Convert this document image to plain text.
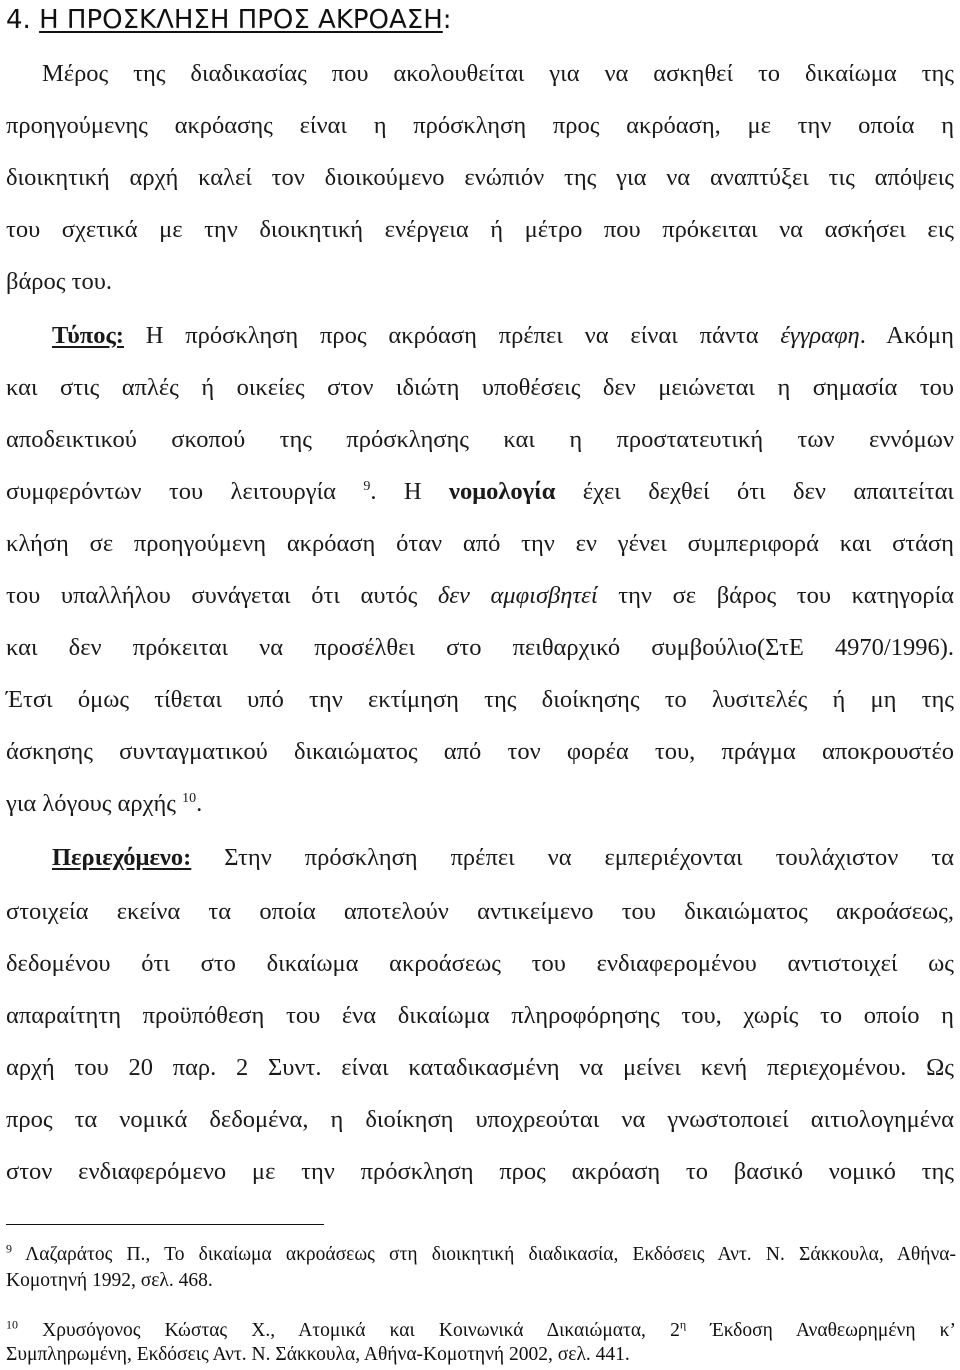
4. Η ΠΡΟΣΚΛΗΣΗ ΠΡΟΣ ΑΚΡΟΑΣΗ:
Μέρος της διαδικασίας που ακολουθείται για να ασκηθεί το δικαίωμα της
προηγούμενης ακρόασης είναι η πρόσκληση προς ακρόαση, με την οποία η
διοικητική αρχή καλεί τον διοικούμενο ενώπιόν της για να αναπτύξει τις απόψεις
του σχετικά με την διοικητική ενέργεια ή μέτρο που πρόκειται να ασκήσει εις
βάρος του.
Τύπος: Η πρόσκληση προς ακρόαση πρέπει να είναι πάντα έγγραφη. Ακόμη
και στις απλές ή οικείες στον ιδιώτη υποθέσεις δεν μειώνεται η σημασία του
αποδεικτικού σκοπού της πρόσκλησης και η προστατευτική των εννόμων
συμφερόντων του λειτουργία $^9$. Η νομολογία έχει δεχθεί ότι δεν απαιτείται
κλήση σε προηγούμενη ακρόαση όταν από την εν γένει συμπεριφορά και στάση
του υπαλλήλου συνάγεται ότι αυτός δεν αμφισβητεί την σε βάρος του κατηγορία
και δεν πρόκειται να προσέλθει στο πειθαρχικό συμβούλιο(ΣτΕ 4970/1996).
Έτσι όμως τίθεται υπό την εκτίμηση της διοίκησης το λυσιτελές ή μη της
άσκησης συνταγματικού δικαιώματος από τον φορέα του, πράγμα αποκρουστέο
για λόγους αρχής $^{10}$.
Περιεχόμενο: Στην πρόσκληση πρέπει να εμπεριέχονται τουλάχιστον τα
στοιχεία εκείνα τα οποία αποτελούν αντικείμενο του δικαιώματος ακροάσεως,
δεδομένου ότι στο δικαίωμα ακροάσεως του ενδιαφερομένου αντιστοιχεί ως
απαραίτητη προϋπόθεση του ένα δικαίωμα πληροφόρησης του, χωρίς το οποίο η
αρχή του 20 παρ. 2 Συντ. είναι καταδικασμένη να μείνει κενή περιεχομένου. Ως
προς τα νομικά δεδομένα, η διοίκηση υποχρεούται να γνωστοποιεί αιτιολογημένα
στον ενδιαφερόμενο με την πρόσκληση προς ακρόαση το βασικό νομικό της
$^9$ Λαζαράτος Π., Το δικαίωμα ακροάσεως στη διοικητική διαδικασία, Εκδόσεις Αντ. Ν. Σάκκουλα, Αθήνα-
Κομοτηνή 1992, σελ. 468.
$^{10}$ Χρυσόγονος Κώστας Χ., Ατομικά και Κοινωνικά Δικαιώματα, $2^\eta$ Έκδοση Αναθεωρημένη κ’
Συμπληρωμένη, Εκδόσεις Αντ. Ν. Σάκκουλα, Αθήνα-Κομοτηνή 2002, σελ. 441.
